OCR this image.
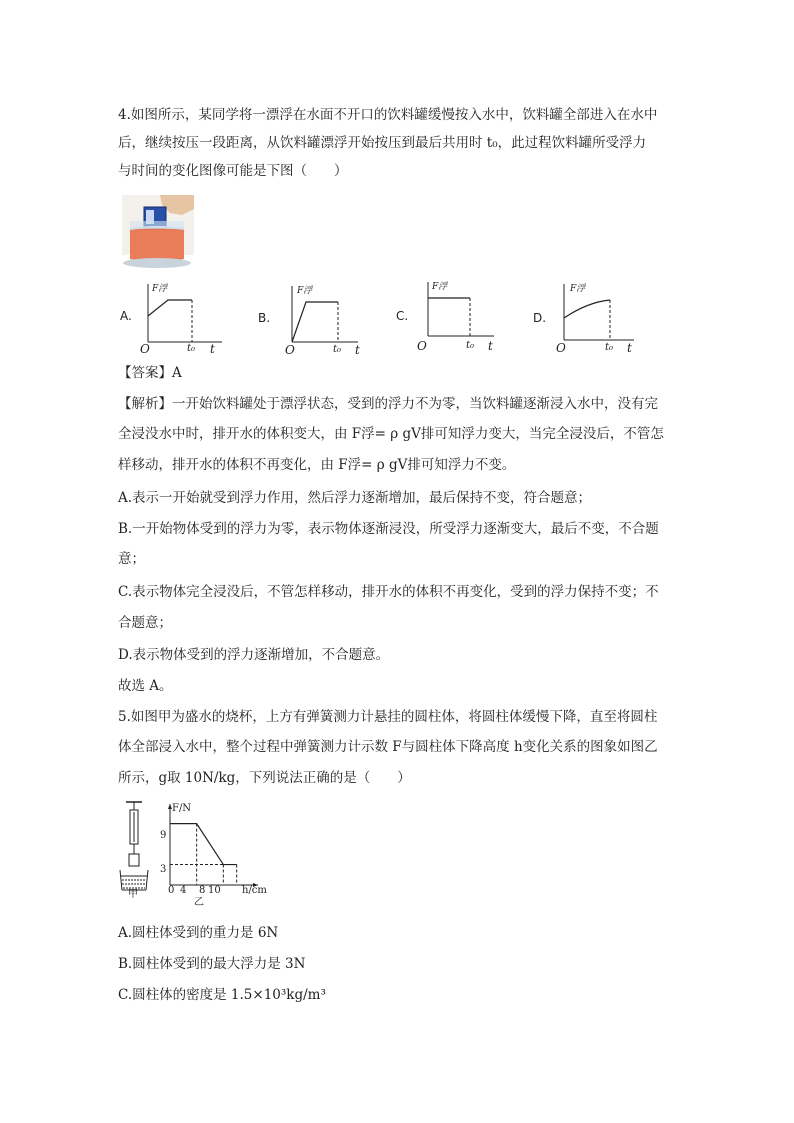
4.如图所示，某同学将一漂浮在水面不开口的饮料罐缓慢按入水中，饮料罐全部进入在水中
后，继续按压一段距离，从饮料罐漂浮开始按压到最后共用时 t₀，此过程饮料罐所受浮力
与时间的变化图像可能是下图（　　）
A.
F浮
O	t₀ t
B.
F浮
O	t₀ t
C.
F浮
O	t₀ t
D.
F浮
O	t₀ t
【答案】A
【解析】一开始饮料罐处于漂浮状态，受到的浮力不为零，当饮料罐逐渐浸入水中，没有完
全浸没水中时，排开水的体积变大，由 F浮= ρ gV排可知浮力变大，当完全浸没后，不管怎
样移动，排开水的体积不再变化，由 F浮= ρ gV排可知浮力不变。
A.表示一开始就受到浮力作用，然后浮力逐渐增加，最后保持不变，符合题意；
B.一开始物体受到的浮力为零，表示物体逐渐浸没，所受浮力逐渐变大，最后不变，不合题
意；
C.表示物体完全浸没后，不管怎样移动，排开水的体积不再变化，受到的浮力保持不变；不
合题意；
D.表示物体受到的浮力逐渐增加，不合题意。
故选 A。
5.如图甲为盛水的烧杯，上方有弹簧测力计悬挂的圆柱体，将圆柱体缓慢下降，直至将圆柱
体全部浸入水中，整个过程中弹簧测力计示数 F与圆柱体下降高度 h变化关系的图象如图乙
所示，g取 10N/kg，下列说法正确的是（　　）
甲
F/N
h/cm
乙
9
3
0 4 8 10
A.圆柱体受到的重力是 6N
B.圆柱体受到的最大浮力是 3N
C.圆柱体的密度是 1.5×10³kg/m³
